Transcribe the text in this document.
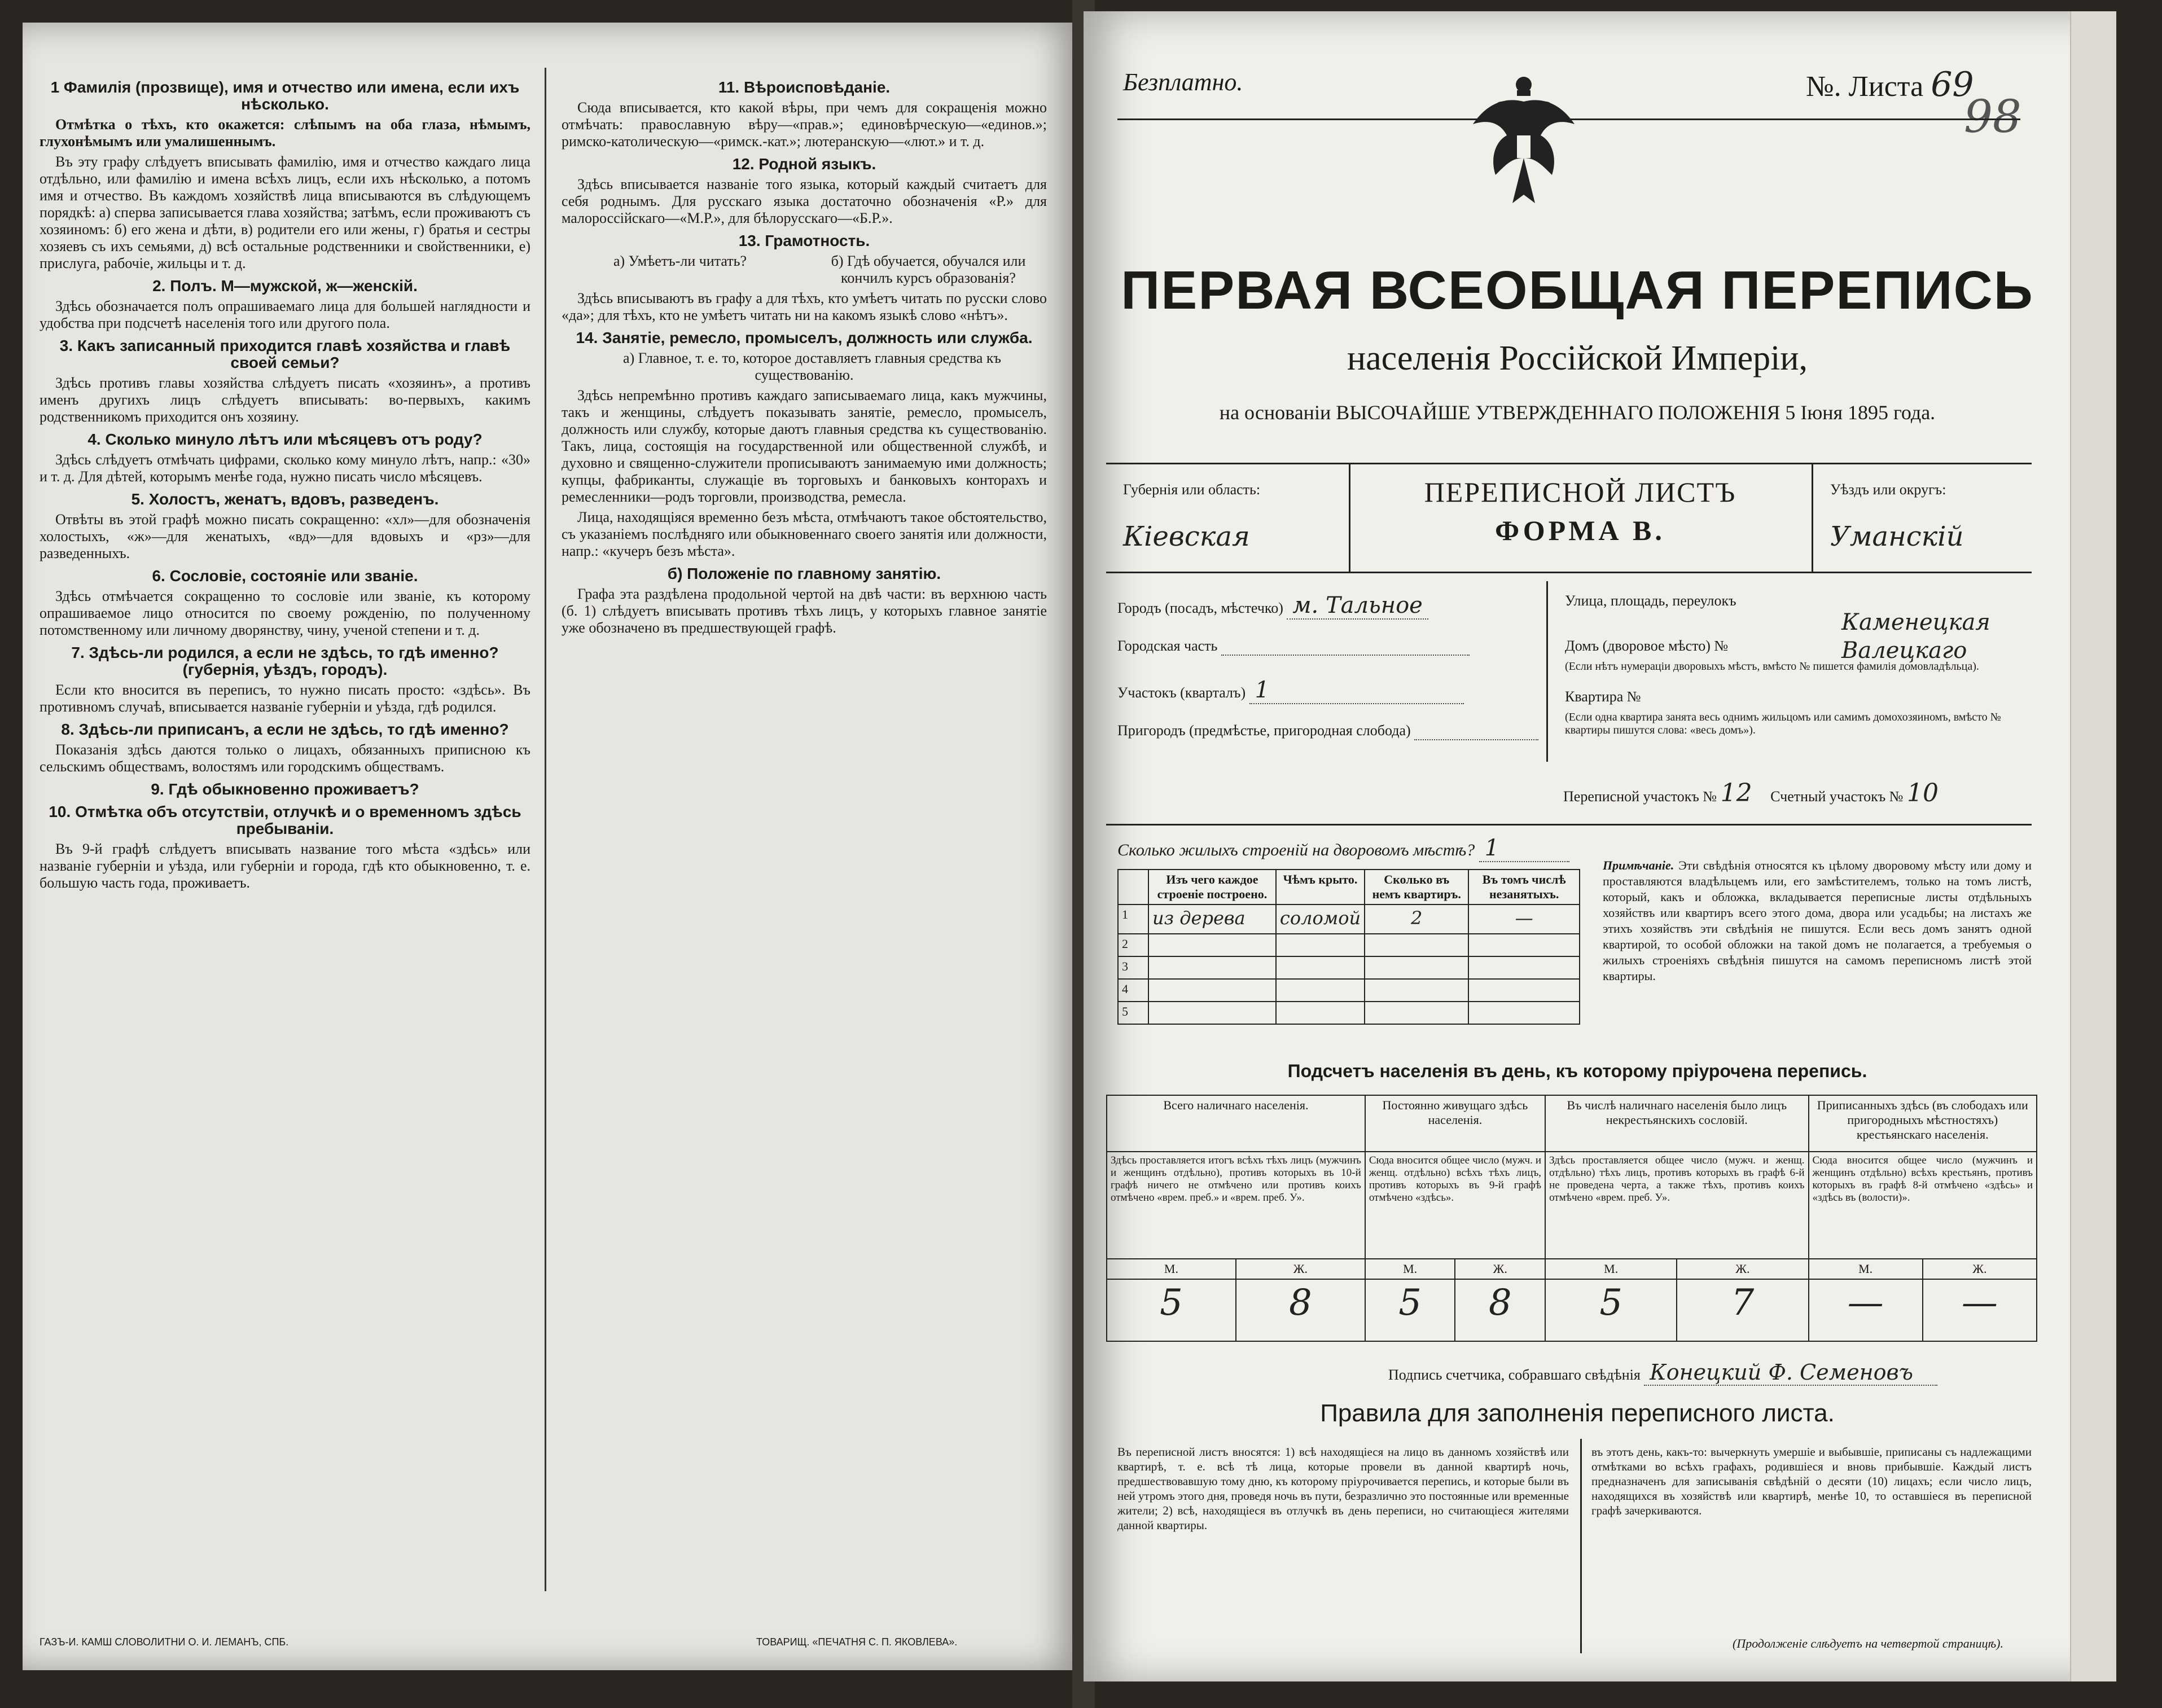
1 Фамилія (прозвище), имя и отчество или имена, если ихъ нѣсколько.

Отмѣтка о тѣхъ, кто окажется: слѣпымъ на оба глаза, нѣмымъ, глухонѣмымъ или умалишеннымъ.

Въ эту графу слѣдуетъ вписывать фамилію, имя и отчество каждаго лица отдѣльно, или фамилію и имена всѣхъ лицъ, если ихъ нѣсколько, а потомъ имя и отчество. Въ каждомъ хозяйствѣ лица вписываются въ слѣдующемъ порядкѣ: а) сперва записывается глава хозяйства; затѣмъ, если проживаютъ съ хозяиномъ: б) его жена и дѣти, в) родители его или жены, г) братья и сестры хозяевъ съ ихъ семьями, д) всѣ остальные родственники и свойственники, е) прислуга, рабочіе, жильцы и т. д.

2. Полъ. М—мужской, ж—женскій.

Здѣсь обозначается полъ опрашиваемаго лица для большей наглядности и удобства при подсчетѣ населенія того или другого пола.

3. Какъ записанный приходится главѣ хозяйства и главѣ своей семьи?

Здѣсь противъ главы хозяйства слѣдуетъ писать «хозяинъ», а противъ именъ другихъ лицъ слѣдуетъ вписывать: во-первыхъ, какимъ родственникомъ приходится онъ хозяину.

4. Сколько минуло лѣтъ или мѣсяцевъ отъ роду?

Здѣсь слѣдуетъ отмѣчать цифрами, сколько кому минуло лѣтъ, напр.: «30» и т. д. Для дѣтей, которымъ менѣе года, нужно писать число мѣсяцевъ.

5. Холостъ, женатъ, вдовъ, разведенъ.

Отвѣты въ этой графѣ можно писать сокращенно: «хл»—для обозначенія холостыхъ, «ж»—для женатыхъ, «вд»—для вдовыхъ и «рз»—для разведенныхъ.

6. Сословіе, состояніе или званіе.

Здѣсь отмѣчается сокращенно то сословіе или званіе, къ которому опрашиваемое лицо относится по своему рожденію, по полученному потомственному или личному дворянству, чину, ученой степени и т. д.

7. Здѣсь-ли родился, а если не здѣсь, то гдѣ именно? (губернія, уѣздъ, городъ).

Если кто вносится въ переписъ, то нужно писать просто: «здѣсь». Въ противномъ случаѣ, вписывается названіе губерніи и уѣзда, гдѣ родился.

8. Здѣсь-ли приписанъ, а если не здѣсь, то гдѣ именно?

Показанія здѣсь даются только о лицахъ, обязанныхъ приписною къ сельскимъ обществамъ, волостямъ или городскимъ обществамъ.

9. Гдѣ обыкновенно проживаетъ?
10. Отмѣтка объ отсутствіи, отлучкѣ и о временномъ здѣсь пребываніи.

Въ 9-й графѣ слѣдуетъ вписывать название того мѣста «здѣсь» или названіе губерніи и уѣзда, или губерніи и города, гдѣ кто обыкновенно, т. е. большую часть года, проживаетъ.

ГАЗЪ-И. КАМШ СЛОВОЛИТНИ О. И. ЛЕМАНЪ, СПБ.
11. Вѣроисповѣданіе.

Сюда вписывается, кто какой вѣры, при чемъ для сокращенія можно отмѣчать: православную вѣру—«прав.»; единовѣрческую—«единов.»; римско-католическую—«римск.-кат.»; лютеранскую—«лют.» и т. д.

12. Родной языкъ.

Здѣсь вписывается названіе того языка, который каждый считаетъ для себя роднымъ. Для русскаго языка достаточно обозначенія «Р.» для малороссійскаго—«М.Р.», для бѣлорусскаго—«Б.Р.».

13. Грамотность.
а) Умѣетъ-ли читать?	б) Гдѣ обучается, обучался или кончилъ курсъ образованія?

Здѣсь вписываютъ въ графу а для тѣхъ, кто умѣетъ читать по русски слово «да»; для тѣхъ, кто не умѣетъ читать ни на какомъ языкѣ слово «нѣтъ».

14. Занятіе, ремесло, промыселъ, должность или служба.

а) Главное, т. е. то, которое доставляетъ главныя средства къ существованію.

Здѣсь непремѣнно противъ каждаго записываемаго лица, какъ мужчины, такъ и женщины, слѣдуетъ показывать занятіе, ремесло, промыселъ, должность или службу, которые даютъ главныя средства къ существованію. Такъ, лица, состоящія на государственной или общественной службѣ, и духовно и священно-служители прописываютъ занимаемую ими должность; купцы, фабриканты, служащіе въ торговыхъ и банковыхъ конторахъ и ремесленники—родъ торговли, производства, ремесла.

Лица, находящіяся временно безъ мѣста, отмѣчаютъ такое обстоятельство, съ указаніемъ послѣдняго или обыкновеннаго своего занятія или должности, напр.: «кучеръ безъ мѣста».

б) Положеніе по главному занятію.

Графа эта раздѣлена продольной чертой на двѣ части: въ верхнюю часть (б. 1) слѣдуетъ вписывать противъ тѣхъ лицъ, у которыхъ главное занятіе уже обозначено въ предшествующей графѣ.

ТОВАРИЩ. «ПЕЧАТНЯ С. П. ЯКОВЛЕВА».
Безплатно.	№. Листа 69
98
ПЕРВАЯ ВСЕОБЩАЯ ПЕРЕПИСЬ
населенія Россійской Имперіи,
на основаніи ВЫСОЧАЙШЕ УТВЕРЖДЕННАГО ПОЛОЖЕНІЯ 5 Іюня 1895 года.
Губернія или область:
Кіевская
ПЕРЕПИСНОЙ ЛИСТЪ
ФОРМА В.
Уѣздъ или округъ:
Уманскій
Городъ (посадъ, мѣстечко) м. Тальное
Городская часть
Участокъ (кварталъ) 1
Пригородъ (предмѣстье, пригородная слобода)
Улица, площадь, переулокъ
Каменецкая
Домъ (дворовое мѣсто) №	Валецкаго
(Если нѣтъ нумераціи дворовыхъ мѣстъ, вмѣсто № пишется фамилія домовладѣльца).
Квартира №
(Если одна квартира занята весь однимъ жильцомъ или самимъ домохозяиномъ, вмѣсто № квартиры пишутся слова: «весь домъ»).
Переписной участокъ № 12 Счетный участокъ № 10
Сколько жилыхъ строеній на дворовомъ мѣстѣ? 1
	Изъ чего каждое строеніе построено.	Чѣмъ крыто.	Сколько въ немъ квартиръ.	Въ томъ числѣ незанятыхъ.
1	из дерева	соломой	2	—
2				
3				
4				
5				
Примѣчаніе. Эти свѣдѣнія относятся къ цѣлому дворовому мѣсту или дому и проставляются владѣльцемъ или, его замѣстителемъ, только на томъ листѣ, который, какъ и обложка, вкладывается переписные листы отдѣльныхъ хозяйствъ или квартиръ всего этого дома, двора или усадьбы; на листахъ же этихъ хозяйствъ эти свѣдѣнія не пишутся. Если весь домъ занятъ одной квартирой, то особой обложки на такой домъ не полагается, а требуемыя о жилыхъ строеніяхъ свѣдѣнія пишутся на самомъ переписномъ листѣ этой квартиры.
Подсчетъ населенія въ день, къ которому пріурочена перепись.
Всего наличнаго населенія.		Постоянно живущаго здѣсь населенія.		Въ числѣ наличнаго населенія было лицъ некрестьянскихъ сословій.		Приписанныхъ здѣсь (въ слободахъ или пригородныхъ мѣстностяхъ) крестьянскаго населенія.	
Здѣсь проставляется итогъ всѣхъ тѣхъ лицъ (мужчинъ и женщинъ отдѣльно), противъ которыхъ въ 10-й графѣ ничего не отмѣчено или противъ коихъ отмѣчено «врем. преб.» и «врем. преб. У».		Сюда вносится общее число (мужч. и женщ. отдѣльно) всѣхъ тѣхъ лицъ, противъ которыхъ въ 9-й графѣ отмѣчено «здѣсь».		Здѣсь проставляется общее число (мужч. и женщ. отдѣльно) тѣхъ лицъ, противъ которыхъ въ графѣ 6-й не проведена черта, а также тѣхъ, противъ коихъ отмѣчено «врем. преб. У».		Сюда вносится общее число (мужчинъ и женщинъ отдѣльно) всѣхъ крестьянъ, противъ которыхъ въ графѣ 8-й отмѣчено «здѣсь» и «здѣсь въ (волости)».	
М.	Ж.	М.	Ж.	М.	Ж.	М.	Ж.
5	8	5	8	5	7	—	—
Подпись счетчика, собравшаго свѣдѣнія Конецкий Ф. Семеновъ
Правила для заполненія переписного листа.
Въ переписной листъ вносятся: 1) всѣ находящіеся на лицо въ данномъ хозяйствѣ или квартирѣ, т. е. всѣ тѣ лица, которые провели въ данной квартирѣ ночь, предшествовавшую тому дню, къ которому пріурочивается перепись, и которые были въ ней утромъ этого дня, проведя ночь въ пути, безразлично это постоянные или временные жители; 2) всѣ, находящіеся въ отлучкѣ въ день переписи, но считающіеся жителями данной квартиры.
въ этотъ день, какъ-то: вычеркнуть умершіе и выбывшіе, приписаны съ надлежащими отмѣтками во всѣхъ графахъ, родившіеся и вновь прибывшіе. Каждый листъ предназначенъ для записыванія свѣдѣній о десяти (10) лицахъ; если число лицъ, находящихся въ хозяйствѣ или квартирѣ, менѣе 10, то оставшіеся въ переписной графѣ зачеркиваются.
(Продолженіе слѣдуетъ на четвертой страницѣ).
